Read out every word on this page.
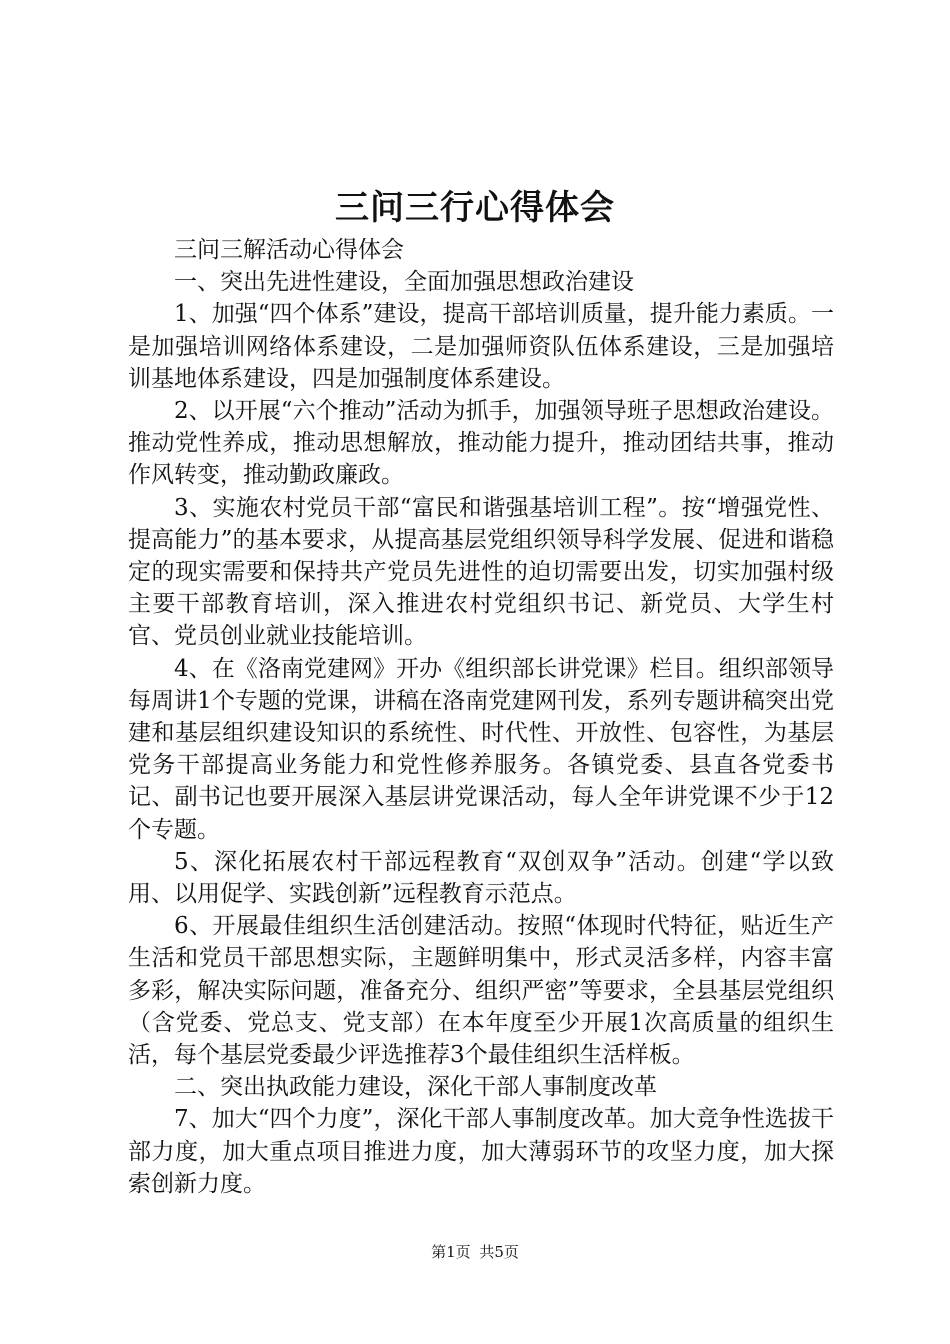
三问三行心得体会

三问三解活动心得体会

一、突出先进性建设，全面加强思想政治建设

1、加强“四个体系”建设，提高干部培训质量，提升能力素质。一是加强培训网络体系建设，二是加强师资队伍体系建设，三是加强培训基地体系建设，四是加强制度体系建设。

2、以开展“六个推动”活动为抓手，加强领导班子思想政治建设。推动党性养成，推动思想解放，推动能力提升，推动团结共事，推动作风转变，推动勤政廉政。

3、实施农村党员干部“富民和谐强基培训工程”。按“增强党性、提高能力”的基本要求，从提高基层党组织领导科学发展、促进和谐稳定的现实需要和保持共产党员先进性的迫切需要出发，切实加强村级主要干部教育培训，深入推进农村党组织书记、新党员、大学生村官、党员创业就业技能培训。

4、在《洛南党建网》开办《组织部长讲党课》栏目。组织部领导每周讲1个专题的党课，讲稿在洛南党建网刊发，系列专题讲稿突出党建和基层组织建设知识的系统性、时代性、开放性、包容性，为基层党务干部提高业务能力和党性修养服务。各镇党委、县直各党委书记、副书记也要开展深入基层讲党课活动，每人全年讲党课不少于12个专题。

5、深化拓展农村干部远程教育“双创双争”活动。创建“学以致用、以用促学、实践创新”远程教育示范点。

6、开展最佳组织生活创建活动。按照“体现时代特征，贴近生产生活和党员干部思想实际，主题鲜明集中，形式灵活多样，内容丰富多彩，解决实际问题，准备充分、组织严密”等要求，全县基层党组织（含党委、党总支、党支部）在本年度至少开展1次高质量的组织生活，每个基层党委最少评选推荐3个最佳组织生活样板。

二、突出执政能力建设，深化干部人事制度改革

7、加大“四个力度”，深化干部人事制度改革。加大竞争性选拔干部力度，加大重点项目推进力度，加大薄弱环节的攻坚力度，加大探索创新力度。

第1页 共5页
